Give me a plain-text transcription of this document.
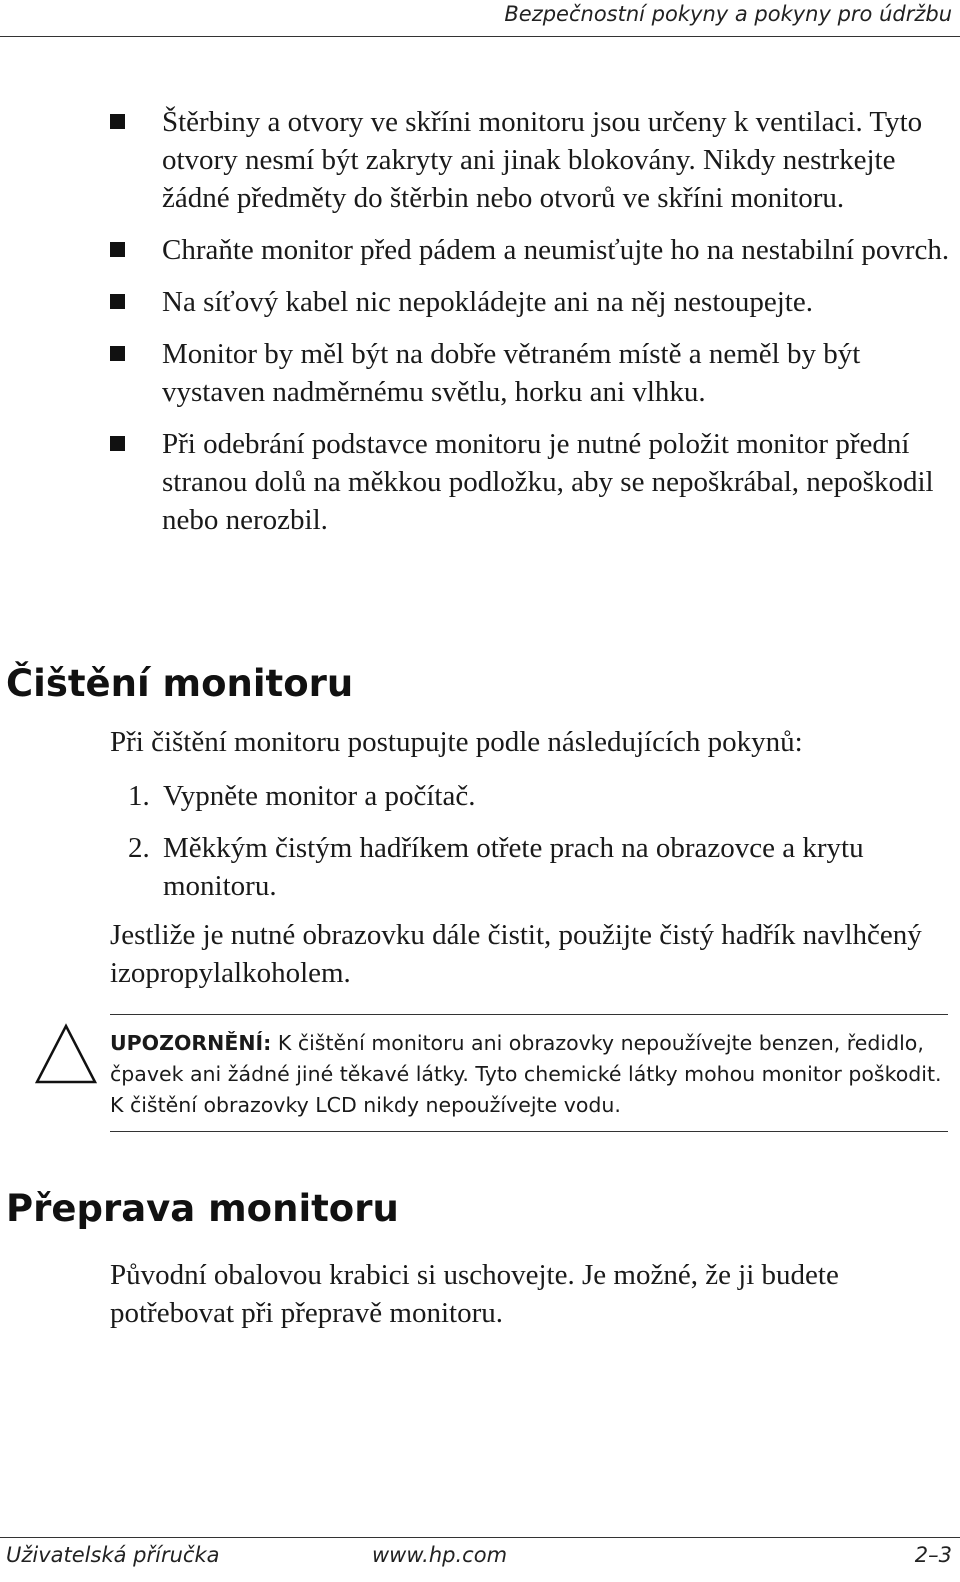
Bezpečnostní pokyny a pokyny pro údržbu
Štěrbiny a otvory ve skříni monitoru jsou určeny k ventilaci. Tyto otvory nesmí být zakryty ani jinak blokovány. Nikdy nestrkejte žádné předměty do štěrbin nebo otvorů ve skříni monitoru.
Chraňte monitor před pádem a neumisťujte ho na nestabilní povrch.
Na síťový kabel nic nepokládejte ani na něj nestoupejte.
Monitor by měl být na dobře větraném místě a neměl by být vystaven nadměrnému světlu, horku ani vlhku.
Při odebrání podstavce monitoru je nutné položit monitor přední stranou dolů na měkkou podložku, aby se nepoškrábal, nepoškodil nebo nerozbil.
Čištění monitoru
Při čištění monitoru postupujte podle následujících pokynů:
1. Vypněte monitor a počítač.
2. Měkkým čistým hadříkem otřete prach na obrazovce a krytu monitoru.
Jestliže je nutné obrazovku dále čistit, použijte čistý hadřík navlhčený izopropylalkoholem.
UPOZORNĚNÍ: K čištění monitoru ani obrazovky nepoužívejte benzen, ředidlo, čpavek ani žádné jiné těkavé látky. Tyto chemické látky mohou monitor poškodit. K čištění obrazovky LCD nikdy nepoužívejte vodu.
Přeprava monitoru
Původní obalovou krabici si uschovejte. Je možné, že ji budete potřebovat při přepravě monitoru.
Uživatelská příručka	www.hp.com	2–3
